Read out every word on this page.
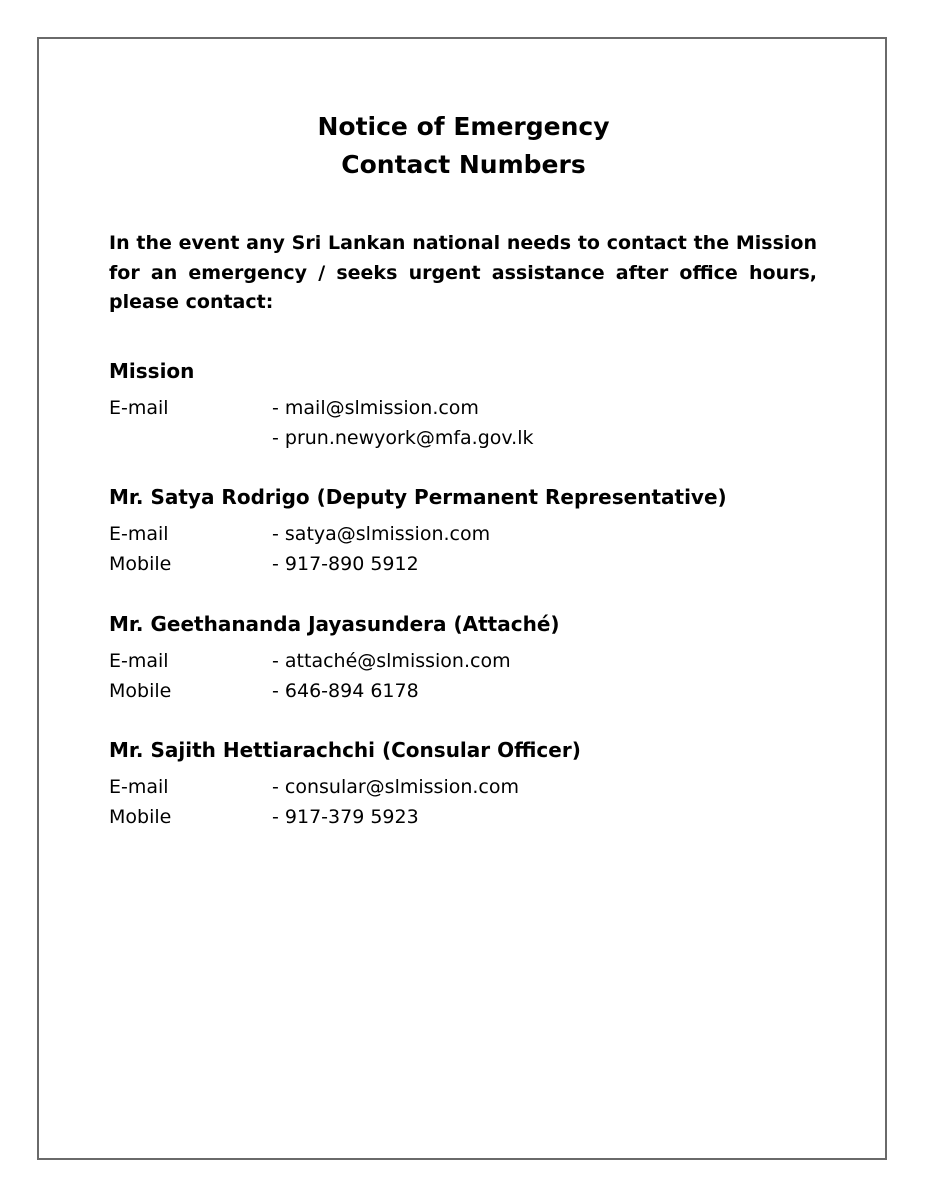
Notice of Emergency
Contact Numbers
In the event any Sri Lankan national needs to contact the Mission for an emergency / seeks urgent assistance after office hours, please contact:
Mission
E-mail	- mail@slmission.com
- prun.newyork@mfa.gov.lk
Mr. Satya Rodrigo (Deputy Permanent Representative)
E-mail	- satya@slmission.com
Mobile	- 917-890 5912
Mr. Geethananda Jayasundera (Attaché)
E-mail	- attaché@slmission.com
Mobile	- 646-894 6178
Mr. Sajith Hettiarachchi (Consular Officer)
E-mail	- consular@slmission.com
Mobile	- 917-379 5923
